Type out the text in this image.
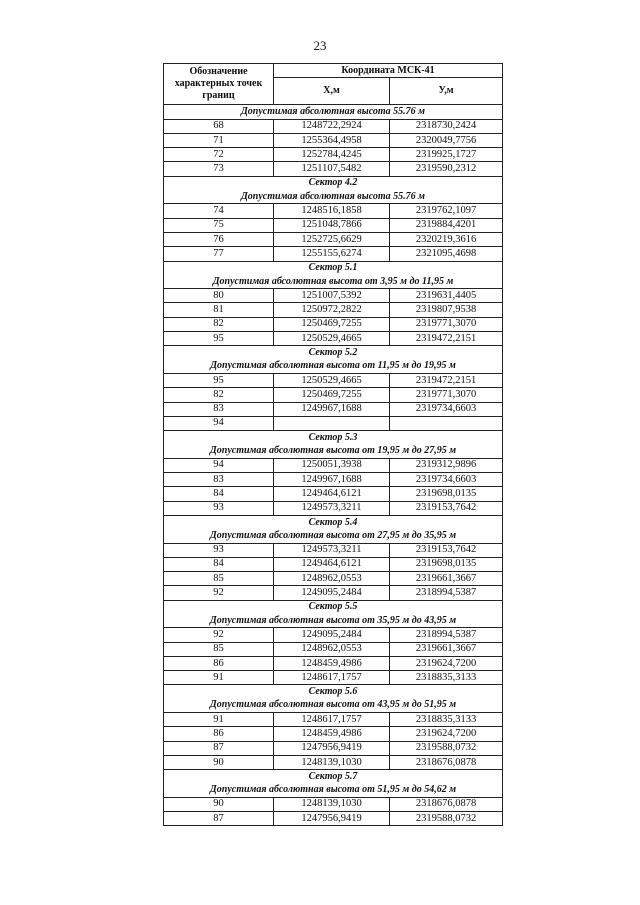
23
Обозначение характерных точек границ	Координата МСК-41	
	Х,м	У,м
Допустимая абсолютная высота 55.76 м		
68	1248722,2924	2318730,2424
71	1255364,4958	2320049,7756
72	1252784,4245	2319925,1727
73	1251107,5482	2319590,2312
Сектор 4.2		
Допустимая абсолютная высота 55.76 м		
74	1248516,1858	2319762,1097
75	1251048,7866	2319884,4201
76	1252725,6629	2320219,3616
77	1255155,6274	2321095,4698
Сектор 5.1		
Допустимая абсолютная высота от 3,95 м до 11,95 м		
80	1251007,5392	2319631,4405
81	1250972,2822	2319807,9538
82	1250469,7255	2319771,3070
95	1250529,4665	2319472,2151
Сектор 5.2		
Допустимая абсолютная высота от 11,95 м до 19,95 м		
95	1250529,4665	2319472,2151
82	1250469,7255	2319771,3070
83	1249967,1688	2319734,6603
94		
Сектор 5.3		
Допустимая абсолютная высота от 19,95 м до 27,95 м		
94	1250051,3938	2319312,9896
83	1249967,1688	2319734,6603
84	1249464,6121	2319698,0135
93	1249573,3211	2319153,7642
Сектор 5.4		
Допустимая абсолютная высота от 27,95 м до 35,95 м		
93	1249573,3211	2319153,7642
84	1249464,6121	2319698,0135
85	1248962,0553	2319661,3667
92	1249095,2484	2318994,5387
Сектор 5.5		
Допустимая абсолютная высота от 35,95 м до 43,95 м		
92	1249095,2484	2318994,5387
85	1248962,0553	2319661,3667
86	1248459,4986	2319624,7200
91	1248617,1757	2318835,3133
Сектор 5.6		
Допустимая абсолютная высота от 43,95 м до 51,95 м		
91	1248617,1757	2318835,3133
86	1248459,4986	2319624,7200
87	1247956,9419	2319588,0732
90	1248139,1030	2318676,0878
Сектор 5.7		
Допустимая абсолютная высота от 51,95 м до 54,62 м		
90	1248139,1030	2318676,0878
87	1247956,9419	2319588,0732
